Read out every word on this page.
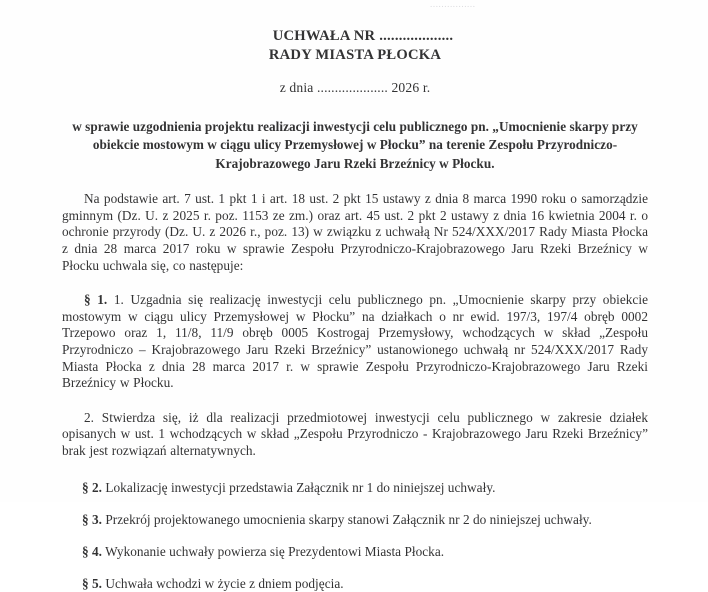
................
UCHWAŁA NR ...................
RADY MIASTA PŁOCKA
z dnia .................... 2026 r.
w sprawie uzgodnienia projektu realizacji inwestycji celu publicznego pn. „Umocnienie skarpy przy obiekcie mostowym w ciągu ulicy Przemysłowej w Płocku” na terenie Zespołu Przyrodniczo-Krajobrazowego Jaru Rzeki Brzeźnicy w Płocku.
Na podstawie art. 7 ust. 1 pkt 1 i art. 18 ust. 2 pkt 15 ustawy z dnia 8 marca 1990 roku o samorządzie gminnym (Dz. U. z 2025 r. poz. 1153 ze zm.) oraz art. 45 ust. 2 pkt 2 ustawy z dnia 16 kwietnia 2004 r. o ochronie przyrody (Dz. U. z 2026 r., poz. 13) w związku z uchwałą Nr 524/XXX/2017 Rady Miasta Płocka z dnia 28 marca 2017 roku w sprawie Zespołu Przyrodniczo-Krajobrazowego Jaru Rzeki Brzeźnicy w Płocku uchwala się, co następuje:
§ 1. 1. Uzgadnia się realizację inwestycji celu publicznego pn. „Umocnienie skarpy przy obiekcie mostowym w ciągu ulicy Przemysłowej w Płocku” na działkach o nr ewid. 197/3, 197/4 obręb 0002 Trzepowo oraz 1, 11/8, 11/9 obręb 0005 Kostrogaj Przemysłowy, wchodzących w skład „Zespołu Przyrodniczo – Krajobrazowego Jaru Rzeki Brzeźnicy” ustanowionego uchwałą nr 524/XXX/2017 Rady Miasta Płocka z dnia 28 marca 2017 r. w sprawie Zespołu Przyrodniczo-Krajobrazowego Jaru Rzeki Brzeźnicy w Płocku.
2. Stwierdza się, iż dla realizacji przedmiotowej inwestycji celu publicznego w zakresie działek opisanych w ust. 1 wchodzących w skład „Zespołu Przyrodniczo - Krajobrazowego Jaru Rzeki Brzeźnicy” brak jest rozwiązań alternatywnych.
§ 2. Lokalizację inwestycji przedstawia Załącznik nr 1 do niniejszej uchwały.
§ 3. Przekrój projektowanego umocnienia skarpy stanowi Załącznik nr 2 do niniejszej uchwały.
§ 4. Wykonanie uchwały powierza się Prezydentowi Miasta Płocka.
§ 5. Uchwała wchodzi w życie z dniem podjęcia.
